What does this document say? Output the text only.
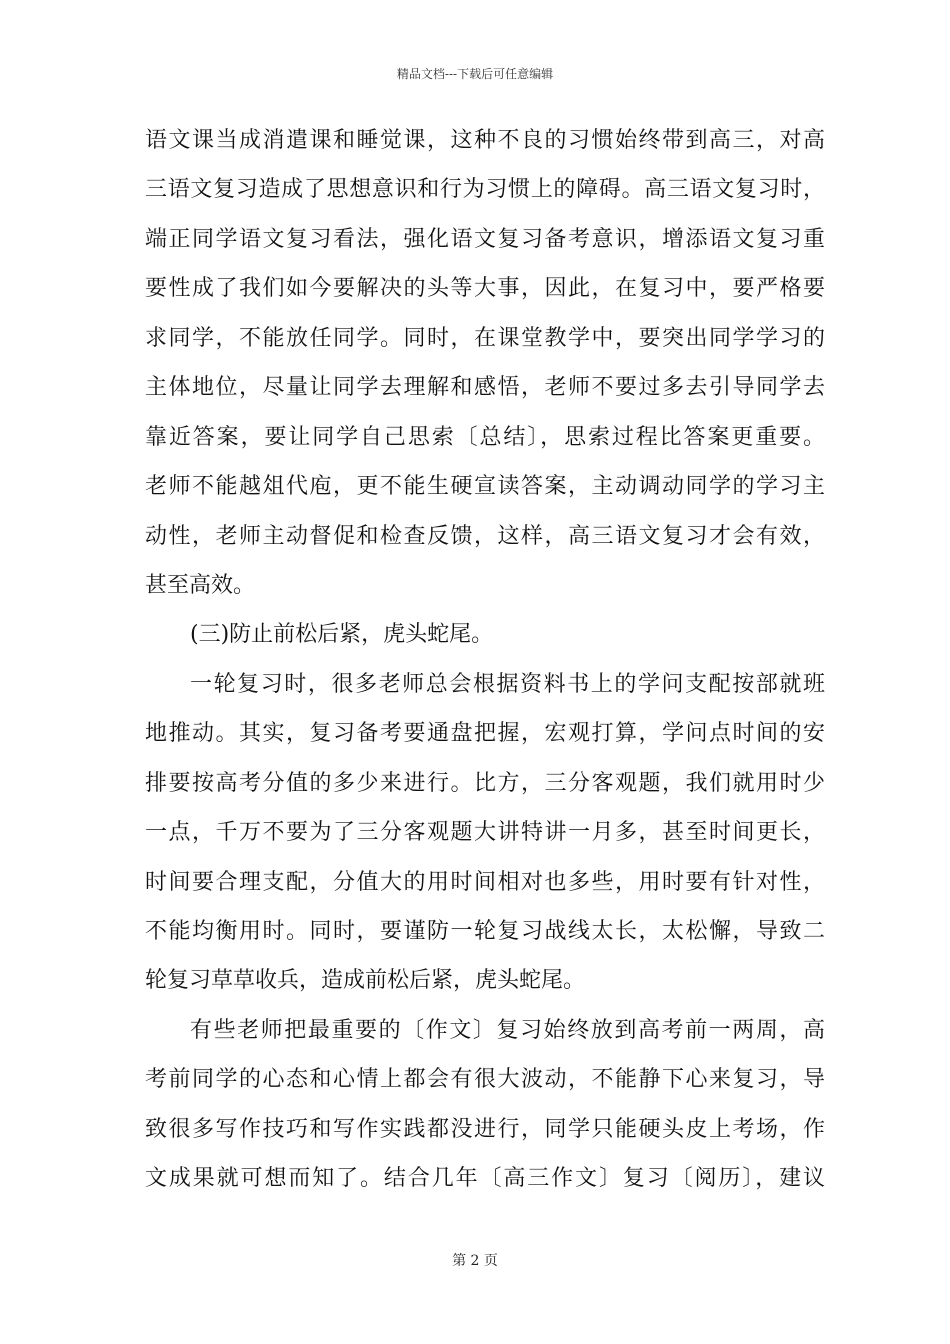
精品文档---下载后可任意编辑
语文课当成消遣课和睡觉课，这种不良的习惯始终带到高三，对高
三语文复习造成了思想意识和行为习惯上的障碍。高三语文复习时，
端正同学语文复习看法，强化语文复习备考意识，增添语文复习重
要性成了我们如今要解决的头等大事，因此，在复习中，要严格要
求同学，不能放任同学。同时，在课堂教学中，要突出同学学习的
主体地位，尽量让同学去理解和感悟，老师不要过多去引导同学去
靠近答案，要让同学自己思索〔总结〕，思索过程比答案更重要。
老师不能越俎代庖，更不能生硬宣读答案，主动调动同学的学习主
动性，老师主动督促和检查反馈，这样，高三语文复习才会有效，
甚至高效。
(三)防止前松后紧，虎头蛇尾。
一轮复习时，很多老师总会根据资料书上的学问支配按部就班
地推动。其实，复习备考要通盘把握，宏观打算，学问点时间的安
排要按高考分值的多少来进行。比方，三分客观题，我们就用时少
一点，千万不要为了三分客观题大讲特讲一月多，甚至时间更长，
时间要合理支配，分值大的用时间相对也多些，用时要有针对性，
不能均衡用时。同时，要谨防一轮复习战线太长，太松懈，导致二
轮复习草草收兵，造成前松后紧，虎头蛇尾。
有些老师把最重要的〔作文〕复习始终放到高考前一两周，高
考前同学的心态和心情上都会有很大波动，不能静下心来复习，导
致很多写作技巧和写作实践都没进行，同学只能硬头皮上考场，作
文成果就可想而知了。结合几年〔高三作文〕复习〔阅历〕，建议
第 2 页
